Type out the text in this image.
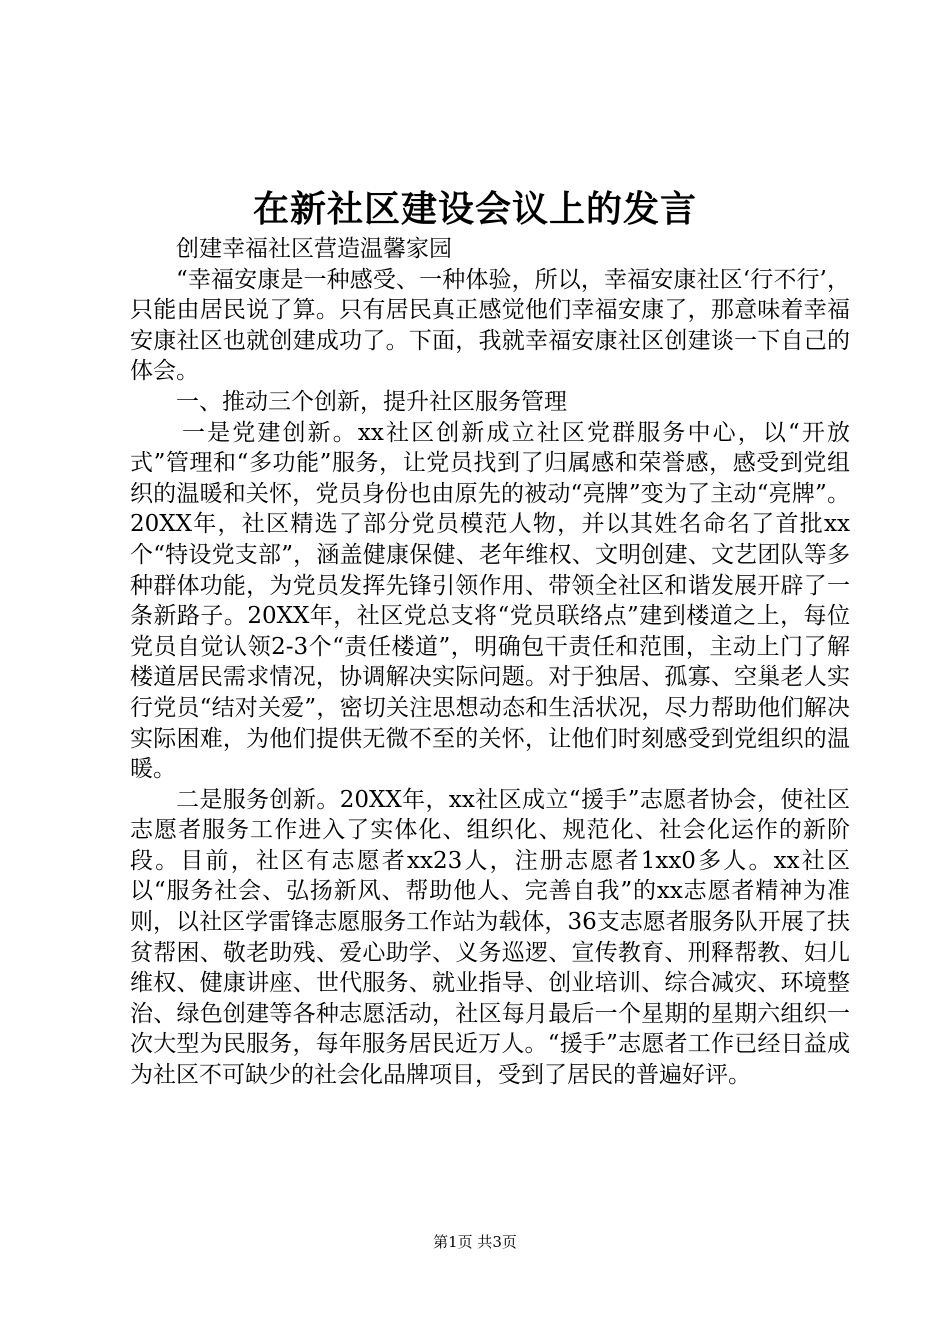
在新社区建设会议上的发言

创建幸福社区营造温馨家园

“幸福安康是一种感受、一种体验，所以，幸福安康社区‘行不行’，只能由居民说了算。只有居民真正感觉他们幸福安康了，那意味着幸福安康社区也就创建成功了。下面，我就幸福安康社区创建谈一下自己的体会。

一、推动三个创新，提升社区服务管理

一是党建创新。xx社区创新成立社区党群服务中心，以“开放式”管理和“多功能”服务，让党员找到了归属感和荣誉感，感受到党组织的温暖和关怀，党员身份也由原先的被动“亮牌”变为了主动“亮牌”。20XX年，社区精选了部分党员模范人物，并以其姓名命名了首批xx个“特设党支部”，涵盖健康保健、老年维权、文明创建、文艺团队等多种群体功能，为党员发挥先锋引领作用、带领全社区和谐发展开辟了一条新路子。20XX年，社区党总支将“党员联络点”建到楼道之上，每位党员自觉认领2-3个“责任楼道”，明确包干责任和范围，主动上门了解楼道居民需求情况，协调解决实际问题。对于独居、孤寡、空巢老人实行党员“结对关爱”，密切关注思想动态和生活状况，尽力帮助他们解决实际困难，为他们提供无微不至的关怀，让他们时刻感受到党组织的温暖。

二是服务创新。20XX年，xx社区成立“援手”志愿者协会，使社区志愿者服务工作进入了实体化、组织化、规范化、社会化运作的新阶段。目前，社区有志愿者xx23人，注册志愿者1xx0多人。xx社区以“服务社会、弘扬新风、帮助他人、完善自我”的xx志愿者精神为准则，以社区学雷锋志愿服务工作站为载体，36支志愿者服务队开展了扶贫帮困、敬老助残、爱心助学、义务巡逻、宣传教育、刑释帮教、妇儿维权、健康讲座、世代服务、就业指导、创业培训、综合减灾、环境整治、绿色创建等各种志愿活动，社区每月最后一个星期的星期六组织一次大型为民服务，每年服务居民近万人。“援手”志愿者工作已经日益成为社区不可缺少的社会化品牌项目，受到了居民的普遍好评。

第1页 共3页
